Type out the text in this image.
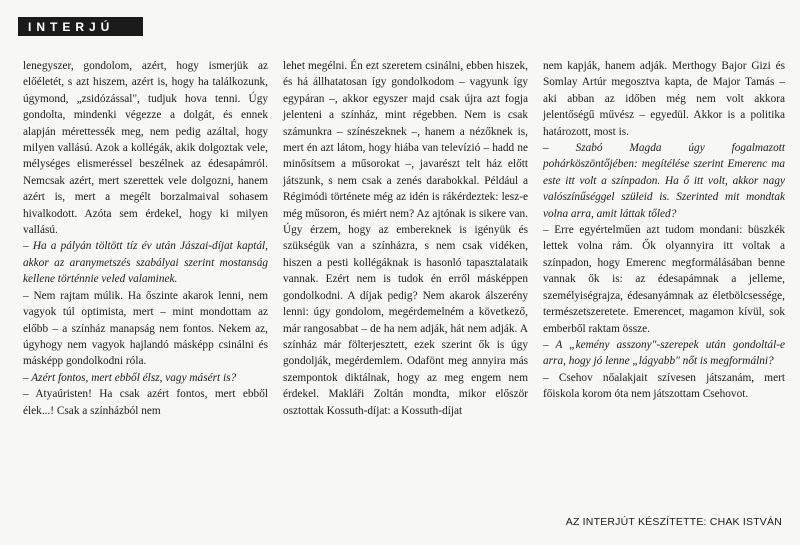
INTERJÚ

lenegyszer, gondolom, azért, hogy ismerjük az előéletét, s azt hiszem, azért is, hogy ha találkozunk, úgymond, „zsidózással", tudjuk hova tenni. Úgy gondolta, mindenki végezze a dolgát, és ennek alapján mérettessék meg, nem pedig azáltal, hogy milyen vallású. Azok a kollégák, akik dolgoztak vele, mélységes elismeréssel beszélnek az édesapámról. Nemcsak azért, mert szerettek vele dolgozni, hanem azért is, mert a megélt borzalmaival sohasem hivalkodott. Azóta sem érdekel, hogy ki milyen vallású.

– Ha a pályán töltött tíz év után Jászai-díjat kaptál, akkor az aranymetszés szabályai szerint mostanság kellene történnie veled valaminek.

– Nem rajtam múlik. Ha őszinte akarok lenni, nem vagyok túl optimista, mert – mint mondottam az előbb – a színház manapság nem fontos. Nekem az, úgyhogy nem vagyok hajlandó másképp csinálni és másképp gondolkodni róla.

– Azért fontos, mert ebből élsz, vagy másért is?

– Atyaúristen! Ha csak azért fontos, mert ebből élek...! Csak a színházból nem

lehet megélni. Én ezt szeretem csinálni, ebben hiszek, és há állhatatosan így gondolkodom – vagyunk így egypáran –, akkor egyszer majd csak újra azt fogja jelenteni a színház, mint régebben. Nem is csak számunkra – színészeknek –, hanem a nézőknek is, mert én azt látom, hogy hiába van televízió – hadd ne minősítsem a műsorokat –, javarészt telt ház előtt játszunk, s nem csak a zenés darabokkal. Például a Régimódi története még az idén is rákérdeztek: lesz-e még műsoron, és miért nem? Az ajtónak is sikere van. Úgy érzem, hogy az embereknek is igényük és szükségük van a színházra, s nem csak vidéken, hiszen a pesti kollégáknak is hasonló tapasztalataik vannak. Ezért nem is tudok én erről másképpen gondolkodni. A díjak pedig? Nem akarok álszerény lenni: úgy gondolom, megérdemelném a következő, már rangosabbat – de ha nem adják, hát nem adják. A színház már fölterjesztett, ezek szerint ők is úgy gondolják, megérdemlem. Odafönt meg annyira más szempontok diktálnak, hogy az meg engem nem érdekel. Makláři Zoltán mondta, mikor először osztottak Kossuth-díjat: a Kossuth-díjat

nem kapják, hanem adják. Merthogy Bajor Gizi és Somlay Artúr megosztva kapta, de Major Tamás – aki abban az időben még nem volt akkora jelentőségű művész – egyedül. Akkor is a politika határozott, most is.

– Szabó Magda úgy fogalmazott pohárköszöntőjében: megítélése szerint Emerenc ma este itt volt a színpadon. Ha ő itt volt, akkor nagy valószínűséggel szüleid is. Szerinted mit mondtak volna arra, amit láttak tőled?

– Erre egyértelműen azt tudom mondani: büszkék lettek volna rám. Ők olyannyira itt voltak a színpadon, hogy Emerenc megformálásában benne vannak ők is: az édesapámnak a jelleme, személyiségrajza, édesanyámnak az életbölcsessége, természetszeretete. Emerencet, magamon kívül, sok emberből raktam össze.

– A „kemény asszony"-szerepek után gondoltál-e arra, hogy jó lenne „lágyabb" nőt is megformálni?

– Csehov nőalakjait szívesen játszanám, mert főiskola korom óta nem játszottam Csehovot.

AZ INTERJÚT KÉSZÍTETTE: CHAK ISTVÁN
